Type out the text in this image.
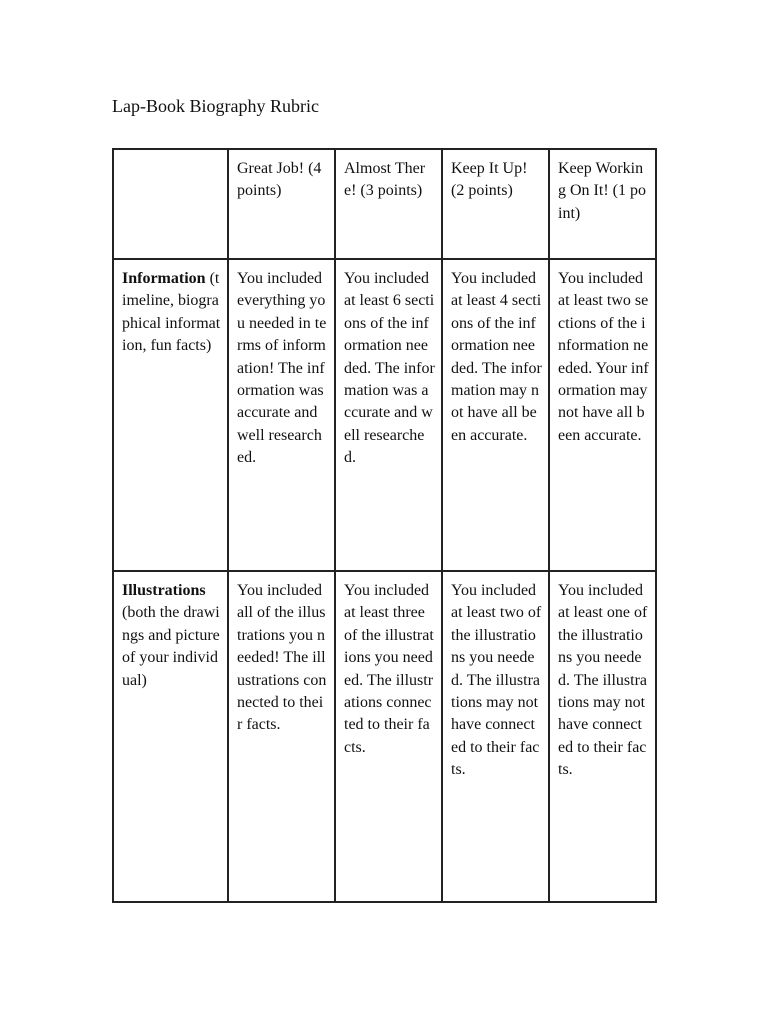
Lap-Book Biography Rubric
	Great Job! (4 points)	Almost There! (3 points)	Keep It Up! (2 points)	Keep Working On It! (1 point)
Information (timeline, biographical information, fun facts)	You included everything you needed in terms of information! The information was accurate and well researched.	You included at least 6 sections of the information needed. The information was accurate and well researched.	You included at least 4 sections of the information needed. The information may not have all been accurate.	You included at least two sections of the information needed. Your information may not have all been accurate.
Illustrations (both the drawings and picture of your individual)	You included all of the illustrations you needed! The illustrations connected to their facts.	You included at least three of the illustrations you needed. The illustrations connected to their facts.	You included at least two of the illustrations you needed. The illustrations may not have connected to their facts.	You included at least one of the illustrations you needed. The illustrations may not have connected to their facts.
